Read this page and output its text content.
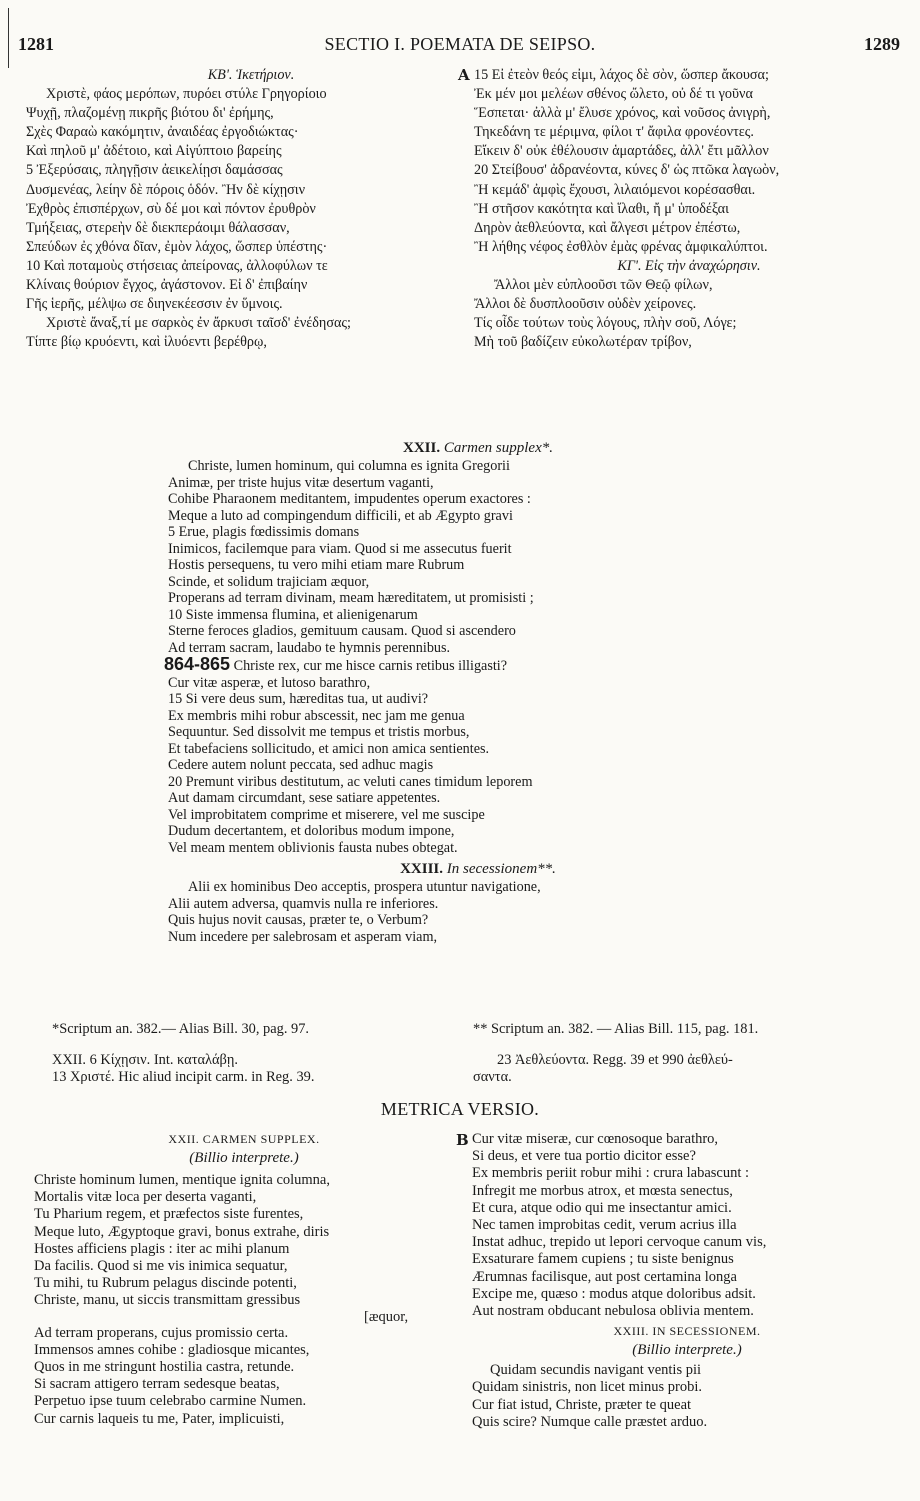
1281	SECTIO I. POEMATA DE SEIPSO.	1289
ΚΒ'. Ἱκετήριον.
Χριστὲ, φάος μερόπων, πυρόει στύλε Γρηγορίοιο
Ψυχῇ, πλαζομένῃ πικρῆς βιότου δι' ἐρήμης,
Σχὲς Φαραὼ κακόμητιν, ἀναιδέας ἐργοδιώκτας·
Καὶ πηλοῦ μ' ἀδέτοιο, καὶ Αἰγύπτοιο βαρείης
5 Ἐξερύσαις, πληγῇσιν ἀεικελίῃσι δαμάσσας
Δυσμενέας, λείην δὲ πόροις ὁδόν. Ἢν δὲ κίχῃσιν
Ἐχθρὸς ἐπισπέρχων, σὺ δέ μοι καὶ πόντον ἐρυθρὸν
Τμήξειας, στερεὴν δὲ διεκπεράοιμι θάλασσαν,
Σπεύδων ἐς χθόνα δῖαν, ἐμὸν λάχος, ὥσπερ ὑπέστης·
10 Καὶ ποταμοὺς στήσειας ἀπείρονας, ἀλλοφύλων τε
Κλίναις θούριον ἔγχος, ἀγάστονον. Εἰ δ' ἐπιβαίην
Γῆς ἱερῆς, μέλψω σε διηνεκέεσσιν ἐν ὕμνοις.
Χριστὲ ἄναξ,τί με σαρκὸς ἐν ἄρκυσι ταῖσδ' ἐνέδησας;
Τίπτε βίῳ κρυόεντι, καὶ ἰλυόεντι βερέθρῳ,
A 15 Εἰ ἐτεὸν θεός εἰμι, λάχος δὲ σὸν, ὥσπερ ἄκουσα;
Ἐκ μέν μοι μελέων σθένος ὤλετο, οὐ δέ τι γοῦνα
Ἕσπεται· ἀλλὰ μ' ἔλυσε χρόνος, καὶ νοῦσος ἀνιγρὴ,
Τηκεδάνη τε μέριμνα, φίλοι τ' ἄφιλα φρονέοντες.
Εἴκειν δ' οὐκ ἐθέλουσιν ἁμαρτάδες, ἀλλ' ἔτι μᾶλλον
20 Στείβουσ' ἀδρανέοντα, κύνες δ' ὡς πτῶκα λαγωὸν,
Ἢ κεμάδ' ἀμφὶς ἔχουσι, λιλαιόμενοι κορέσασθαι.
Ἢ στῆσον κακότητα καὶ ἵλαθι, ἤ μ' ὑποδέξαι
Δηρὸν ἀεθλεύοντα, καὶ ἄλγεσι μέτρον ἐπέστω,
Ἢ λήθης νέφος ἐσθλὸν ἐμὰς φρένας ἀμφικαλύπτοι.
ΚΓ'. Εἰς τὴν ἀναχώρησιν.
Ἄλλοι μὲν εὐπλοοῦσι τῶν Θεῷ φίλων,
Ἄλλοι δὲ δυσπλοοῦσιν οὐδὲν χείρονες.
Τίς οἶδε τούτων τοὺς λόγους, πλὴν σοῦ, Λόγε;
Μὴ τοῦ βαδίζειν εὐκολωτέραν τρίβον,
XXII. Carmen supplex*.
Christe, lumen hominum, qui columna es ignita Gregorii
Animæ, per triste hujus vitæ desertum vaganti,
Cohibe Pharaonem meditantem, impudentes operum exactores :
Meque a luto ad compingendum difficili, et ab Ægypto gravi
5 Erue, plagis fœdissimis domans
Inimicos, facilemque para viam. Quod si me assecutus fuerit
Hostis persequens, tu vero mihi etiam mare Rubrum
Scinde, et solidum trajiciam æquor,
Properans ad terram divinam, meam hæreditatem, ut promisisti ;
10 Siste immensa flumina, et alienigenarum
Sterne feroces gladios, gemituum causam. Quod si ascendero
Ad terram sacram, laudabo te hymnis perennibus.
864-865 Christe rex, cur me hisce carnis retibus illigasti?
Cur vitæ asperæ, et lutoso barathro,
15 Si vere deus sum, hæreditas tua, ut audivi?
Ex membris mihi robur abscessit, nec jam me genua
Sequuntur. Sed dissolvit me tempus et tristis morbus,
Et tabefaciens sollicitudo, et amici non amica sentientes.
Cedere autem nolunt peccata, sed adhuc magis
20 Premunt viribus destitutum, ac veluti canes timidum leporem
Aut damam circumdant, sese satiare appetentes.
Vel improbitatem comprime et miserere, vel me suscipe
Dudum decertantem, et doloribus modum impone,
Vel meam mentem oblivionis fausta nubes obtegat.
XXIII. In secessionem**.
Alii ex hominibus Deo acceptis, prospera utuntur navigatione,
Alii autem adversa, quamvis nulla re inferiores.
Quis hujus novit causas, præter te, o Verbum?
Num incedere per salebrosam et asperam viam,
*Scriptum an. 382.— Alias Bill. 30, pag. 97.	** Scriptum an. 382. — Alias Bill. 115, pag. 181.
XXII. 6 Κίχῃσιν. Int. καταλάβῃ.
13 Χριστέ. Hic aliud incipit carm. in Reg. 39.
23 Ἀεθλεύοντα. Regg. 39 et 990 ἀεθλεύ-
σαντα.
METRICA VERSIO.
XXII. CARMEN SUPPLEX.
(Billio interprete.)
Christe hominum lumen, mentique ignita columna,
Mortalis vitæ loca per deserta vaganti,
Tu Pharium regem, et præfectos siste furentes,
Meque luto, Ægyptoque gravi, bonus extrahe, diris
Hostes afficiens plagis : iter ac mihi planum
Da facilis. Quod si me vis inimica sequatur,
Tu mihi, tu Rubrum pelagus discinde potenti,
Christe, manu, ut siccis transmittam gressibus
[æquor,
Ad terram properans, cujus promissio certa.
Immensos amnes cohibe : gladiosque micantes,
Quos in me stringunt hostilia castra, retunde.
Si sacram attigero terram sedesque beatas,
Perpetuo ipse tuum celebrabo carmine Numen.
Cur carnis laqueis tu me, Pater, implicuisti,
B Cur vitæ miseræ, cur cœnosoque barathro,
Si deus, et vere tua portio dicitor esse?
Ex membris periit robur mihi : crura labascunt :
Infregit me morbus atrox, et mœsta senectus,
Et cura, atque odio qui me insectantur amici.
Nec tamen improbitas cedit, verum acrius illa
Instat adhuc, trepido ut lepori cervoque canum vis,
Exsaturare famem cupiens ; tu siste benignus
Ærumnas facilisque, aut post certamina longa
Excipe me, quæso : modus atque doloribus adsit.
Aut nostram obducant nebulosa oblivia mentem.
XXIII. IN SECESSIONEM.
(Billio interprete.)
Quidam secundis navigant ventis pii
Quidam sinistris, non licet minus probi.
Cur fiat istud, Christe, præter te queat
Quis scire? Numque calle præstet arduo.
